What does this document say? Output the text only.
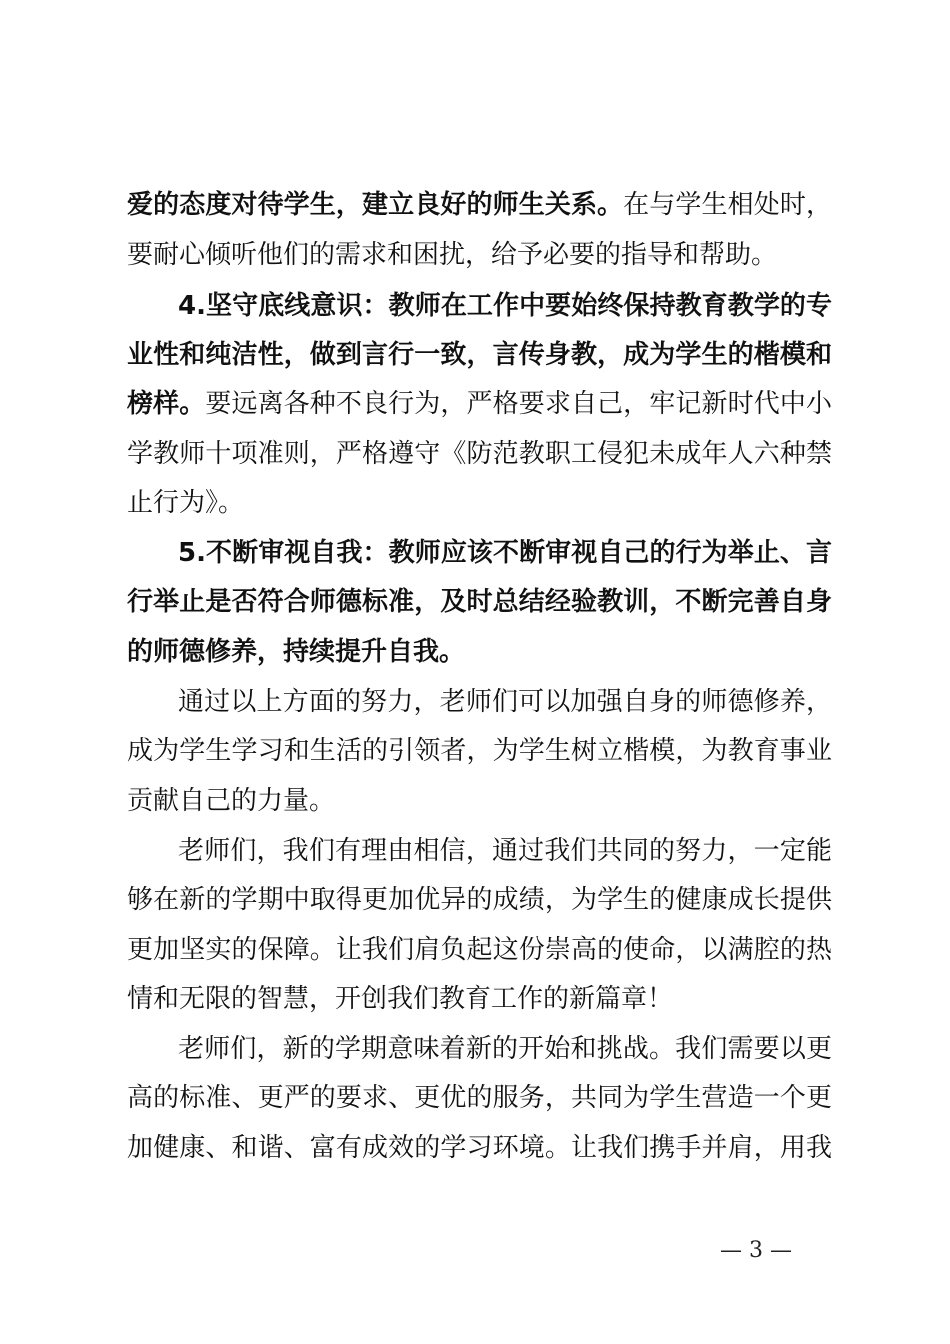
爱的态度对待学生，建立良好的师生关系。在与学生相处时，
要耐心倾听他们的需求和困扰，给予必要的指导和帮助。
4.坚守底线意识：教师在工作中要始终保持教育教学的专
业性和纯洁性，做到言行一致，言传身教，成为学生的楷模和
榜样。要远离各种不良行为，严格要求自己，牢记新时代中小
学教师十项准则，严格遵守《防范教职工侵犯未成年人六种禁
止行为》。
5.不断审视自我：教师应该不断审视自己的行为举止、言
行举止是否符合师德标准，及时总结经验教训，不断完善自身
的师德修养，持续提升自我。
通过以上方面的努力，老师们可以加强自身的师德修养，
成为学生学习和生活的引领者，为学生树立楷模，为教育事业
贡献自己的力量。
老师们，我们有理由相信，通过我们共同的努力，一定能
够在新的学期中取得更加优异的成绩，为学生的健康成长提供
更加坚实的保障。让我们肩负起这份崇高的使命，以满腔的热
情和无限的智慧，开创我们教育工作的新篇章！
老师们，新的学期意味着新的开始和挑战。我们需要以更
高的标准、更严的要求、更优的服务，共同为学生营造一个更
加健康、和谐、富有成效的学习环境。让我们携手并肩，用我
— 3 —
